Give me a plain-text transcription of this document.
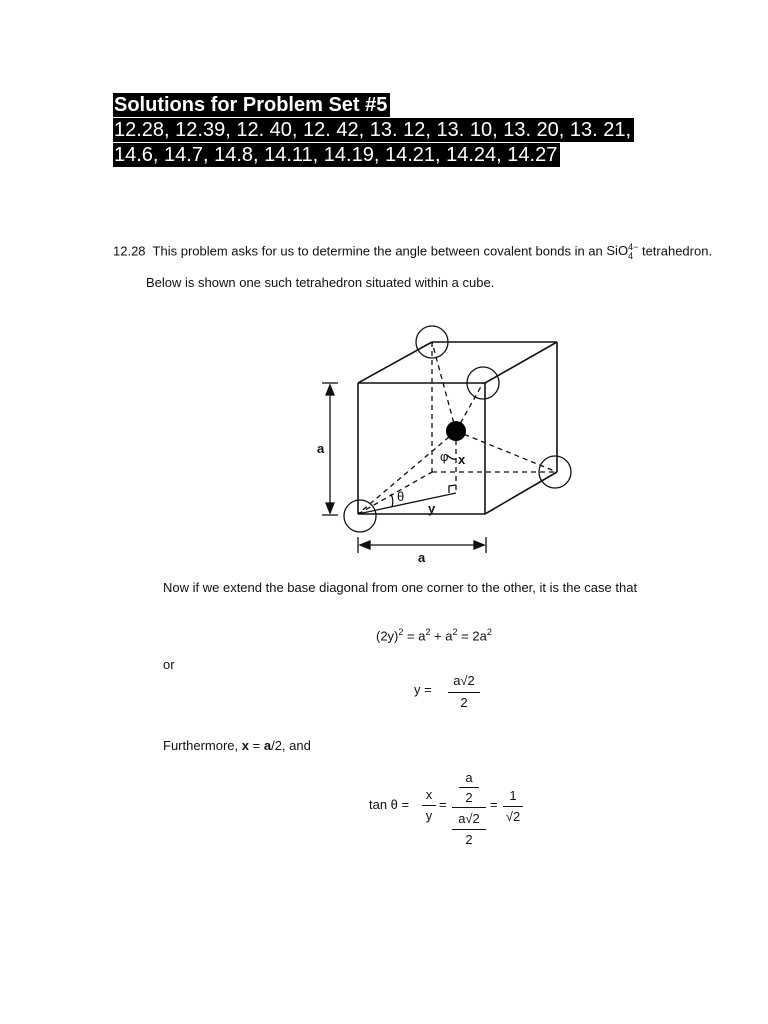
Solutions for Problem Set #5
12.28, 12.39, 12. 40, 12. 42, 13. 12, 13. 10, 13. 20, 13. 21,
14.6, 14.7, 14.8, 14.11, 14.19, 14.21, 14.24, 14.27
12.28 This problem asks for us to determine the angle between covalent bonds in an SiO 4−
4 tetrahedron.
Below is shown one such tetrahedron situated within a cube.
a
a
φ x
θ
y
Now if we extend the base diagonal from one corner to the other, it is the case that
$(2y)^2 = a^2 + a^2 = 2a^2$
or
y =
a√2
2
Furthermore, x = a/2, and
tan θ =
x
y
=
a
2
a√2
2
=
1
√2
